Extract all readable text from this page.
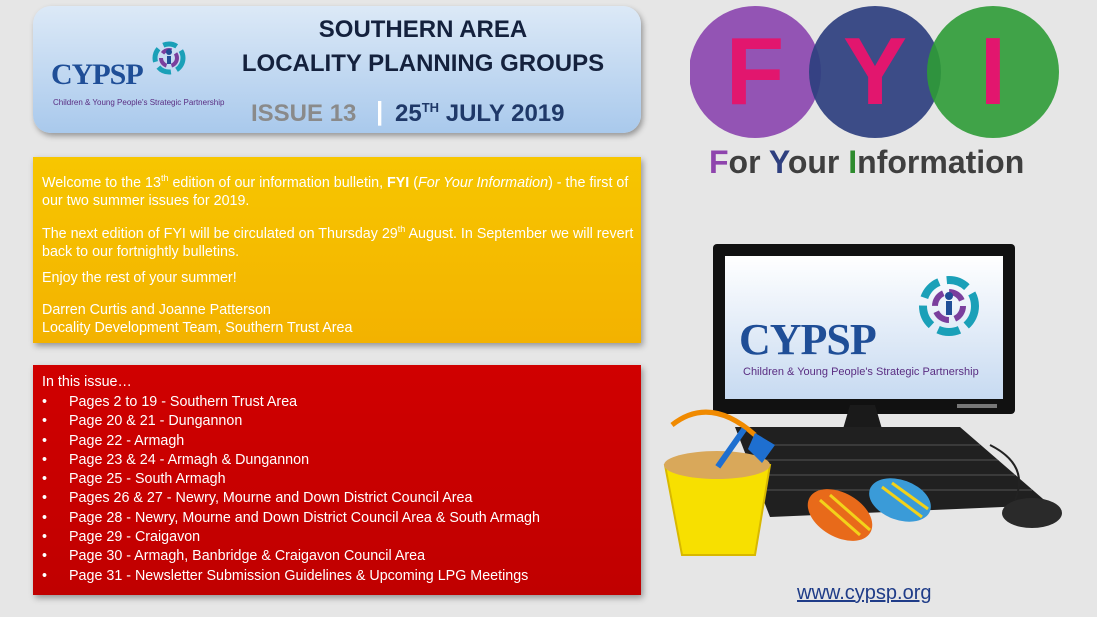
CYPSP
Children & Young People's Strategic Partnership
SOUTHERN AREA
LOCALITY PLANNING GROUPS
ISSUE 13 | 25TH JULY 2019

Welcome to the 13th edition of our information bulletin, FYI (For Your Information) - the first of our two summer issues for 2019.

The next edition of FYI will be circulated on Thursday 29th August. In September we will revert back to our fortnightly bulletins.

Enjoy the rest of your summer!

Darren Curtis and Joanne Patterson

Locality Development Team, Southern Trust Area

In this issue…
• Pages 2 to 19 - Southern Trust Area
• Page 20 & 21 - Dungannon
• Page 22 - Armagh
• Page 23 & 24 - Armagh & Dungannon
• Page 25 - South Armagh
• Pages 26 & 27 - Newry, Mourne and Down District Council Area
• Page 28 - Newry, Mourne and Down District Council Area & South Armagh
• Page 29 - Craigavon
• Page 30 - Armagh, Banbridge & Craigavon Council Area
• Page 31 - Newsletter Submission Guidelines & Upcoming LPG Meetings
F Y I
For Your Information
CYPSP
Children & Young People's Strategic Partnership
www.cypsp.org
